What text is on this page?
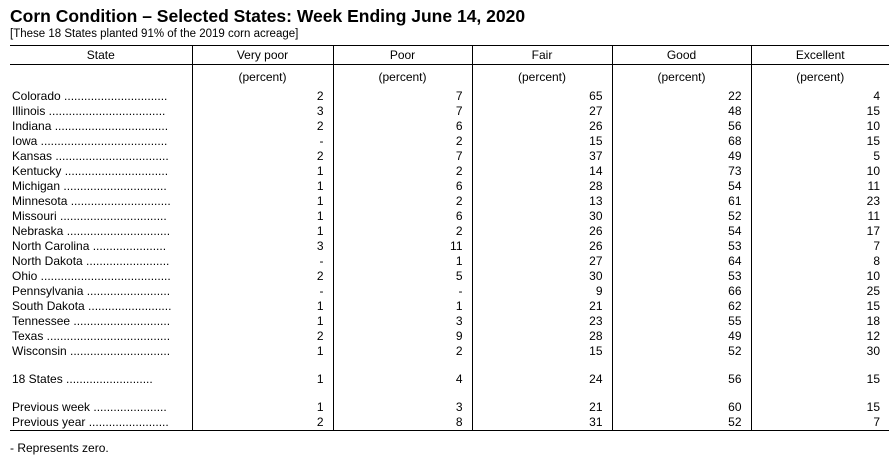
Corn Condition – Selected States: Week Ending June 14, 2020
[These 18 States planted 91% of the 2019 corn acreage]
State	Very poor	Poor	Fair	Good	Excellent
	(percent)	(percent)	(percent)	(percent)	(percent)
Colorado ...............................	2	7	65	22	4
Illinois ...................................	3	7	27	48	15
Indiana ..................................	2	6	26	56	10
Iowa ......................................	-	2	15	68	15
Kansas ..................................	2	7	37	49	5
Kentucky ...............................	1	2	14	73	10
Michigan ...............................	1	6	28	54	11
Minnesota ..............................	1	2	13	61	23
Missouri ................................	1	6	30	52	11
Nebraska ...............................	1	2	26	54	17
North Carolina ......................	3	11	26	53	7
North Dakota .........................	-	1	27	64	8
Ohio .......................................	2	5	30	53	10
Pennsylvania .........................	-	-	9	66	25
South Dakota .........................	1	1	21	62	15
Tennessee .............................	1	3	23	55	18
Texas .....................................	2	9	28	49	12
Wisconsin ..............................	1	2	15	52	30

18 States ..........................	1	4	24	56	15

Previous week ......................	1	3	21	60	15
Previous year ........................	2	8	31	52	7
- Represents zero.
